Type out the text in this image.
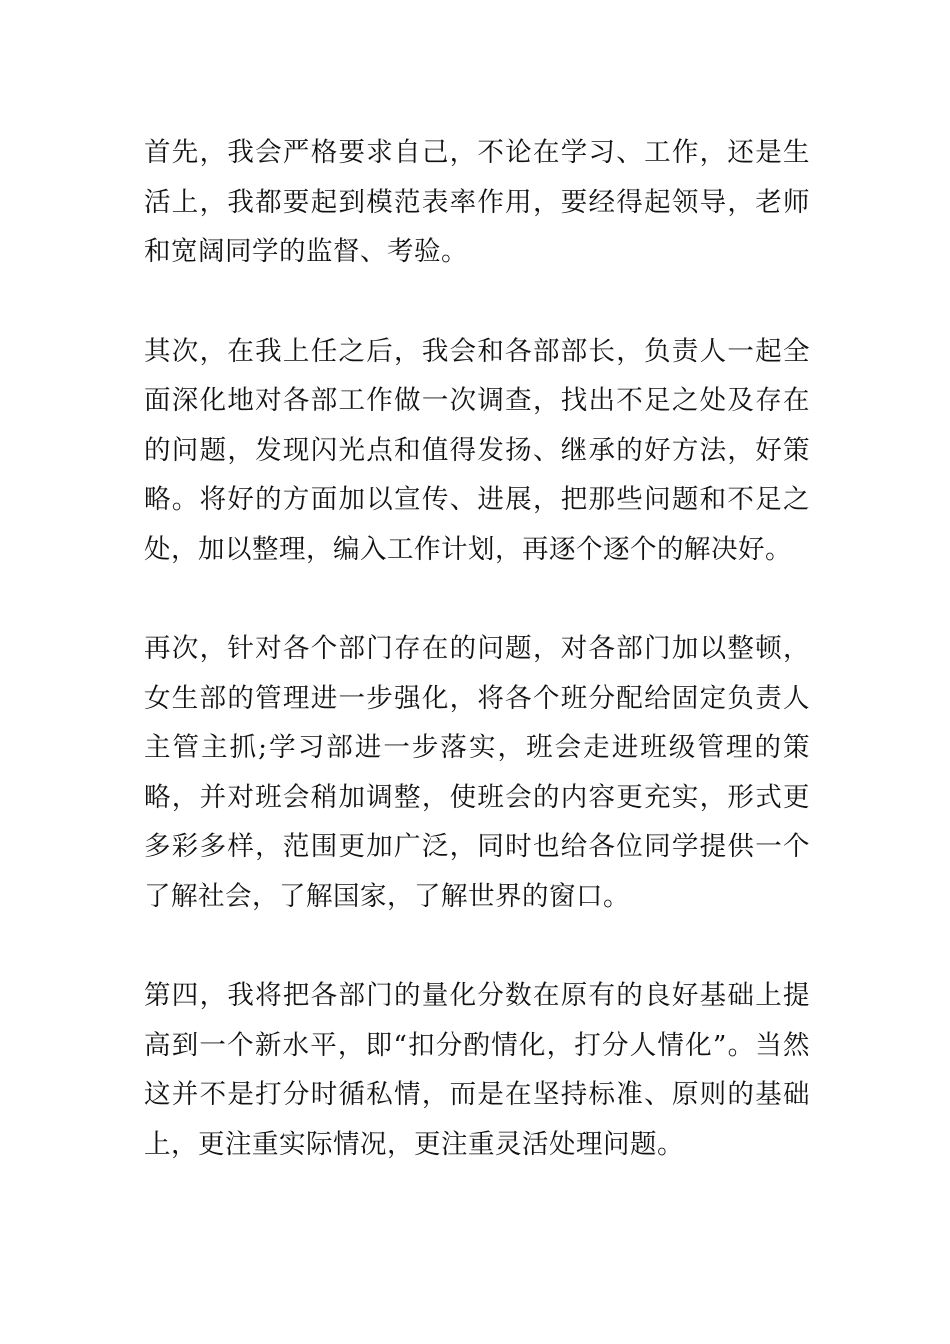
首先，我会严格要求自己，不论在学习、工作，还是生活上，我都要起到模范表率作用，要经得起领导，老师和宽阔同学的监督、考验。

其次，在我上任之后，我会和各部部长，负责人一起全面深化地对各部工作做一次调查，找出不足之处及存在的问题，发现闪光点和值得发扬、继承的好方法，好策略。将好的方面加以宣传、进展，把那些问题和不足之处，加以整理，编入工作计划，再逐个逐个的解决好。

再次，针对各个部门存在的问题，对各部门加以整顿，女生部的管理进一步强化，将各个班分配给固定负责人主管主抓;学习部进一步落实，班会走进班级管理的策略，并对班会稍加调整，使班会的内容更充实，形式更多彩多样，范围更加广泛，同时也给各位同学提供一个了解社会，了解国家，了解世界的窗口。

第四，我将把各部门的量化分数在原有的良好基础上提高到一个新水平，即“扣分酌情化，打分人情化”。当然这并不是打分时循私情，而是在坚持标准、原则的基础上，更注重实际情况，更注重灵活处理问题。
